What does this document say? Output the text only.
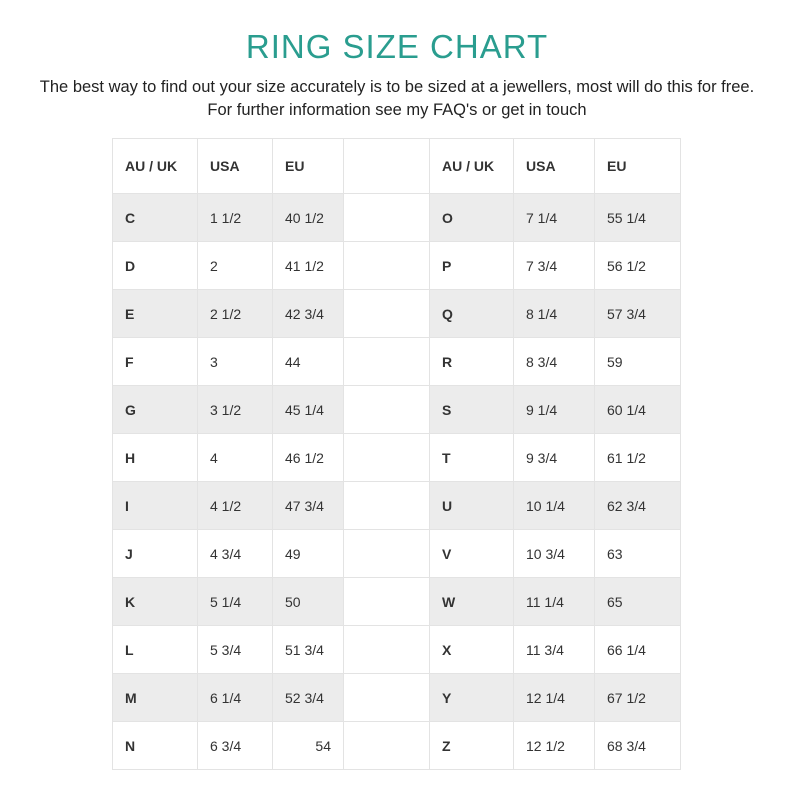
RING SIZE CHART
The best way to find out your size accurately is to be sized at a jewellers, most will do this for free. For further information see my FAQ's or get in touch
AU / UK	USA	EU		AU / UK	USA	EU
C	1 1/2	40 1/2		O	7 1/4	55 1/4
D	2	41 1/2		P	7 3/4	56 1/2
E	2 1/2	42 3/4		Q	8 1/4	57 3/4
F	3	44		R	8 3/4	59
G	3 1/2	45 1/4		S	9 1/4	60 1/4
H	4	46 1/2		T	9 3/4	61 1/2
I	4 1/2	47 3/4		U	10 1/4	62 3/4
J	4 3/4	49		V	10 3/4	63
K	5 1/4	50		W	11 1/4	65
L	5 3/4	51 3/4		X	11 3/4	66 1/4
M	6 1/4	52 3/4		Y	12 1/4	67 1/2
N	6 3/4	54		Z	12 1/2	68 3/4
